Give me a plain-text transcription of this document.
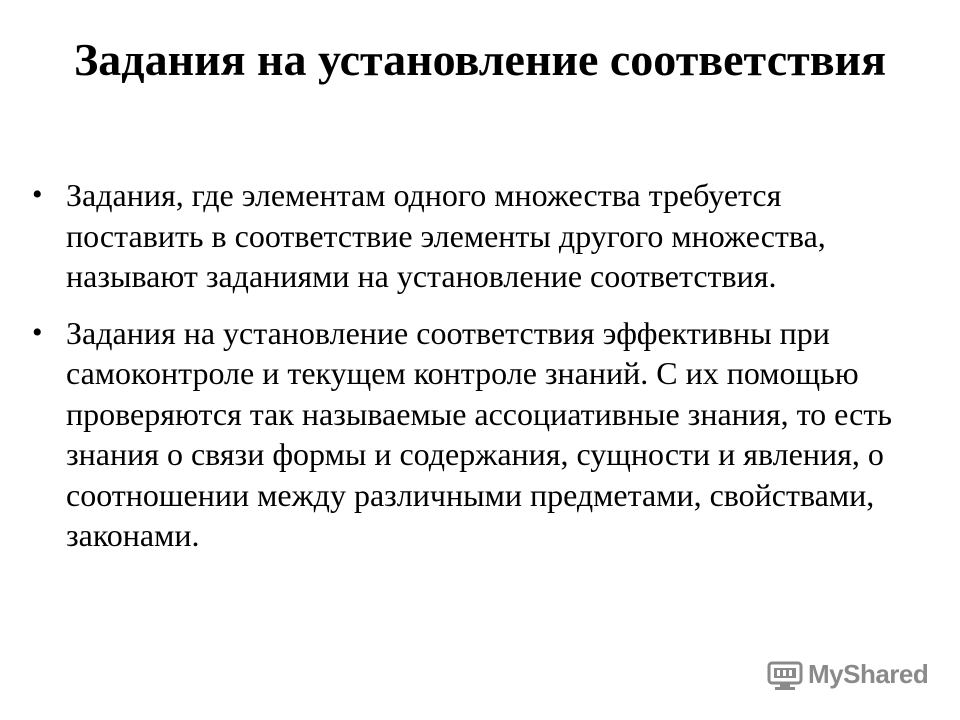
Задания на установление соответствия
• Задания, где элементам одного множества требуется поставить в соответствие элементы другого множества, называют заданиями на установление соответствия.
• Задания на установление соответствия эффективны при самоконтроле и текущем контроле знаний. С их помощью проверяются так называемые ассоциативные знания, то есть знания о связи формы и содержания, сущности и явления, о соотношении между различными предметами, свойствами, законами.
MyShared
